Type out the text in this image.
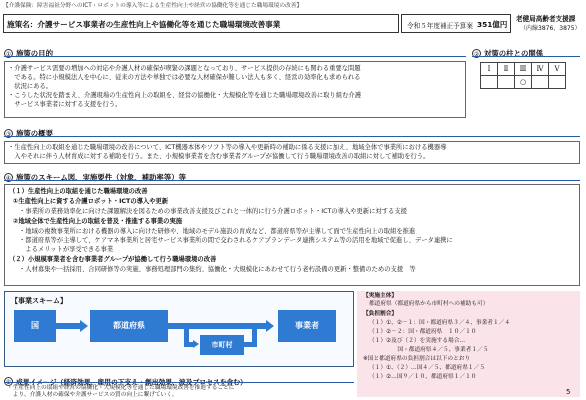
【介護保険：障害福祉分野へのICT・ロボットの導入等による生産性向上や経営の協働化等を通じた職場環境の改善】
施策名：介護サービス事業者の生産性向上や協働化等を通じた職場環境改善事業	令和５年度補正予算案 351億円
老健局高齢者支援課
（内線3876、3875）
① 施策の目的	② 対策の柱との関係
・介護サービス需要の増加への対応や介護人材の確保が喫緊の課題となっており、サービス提供の存続にも関わる重要な問題
　である。特に小規模法人を中心に、従来の方法や単独では必要な人材確保が難しい法人も多く、経営の効率化も求められる
　状況にある。
・こうした状況を踏まえ、介護現場の生産性向上の取組を、経営の協働化・大規模化等を通じた職場環境改善に取り組む介護
　サービス事業者に対する支援を行う。
Ⅰ	Ⅱ	Ⅲ	Ⅳ	Ⅴ
		○		
③ 施策の概要
・生産性向上の取組を通じた職場環境の改善について、ICT機器本体やソフト等の導入や更新時の補助に係る支援に加え、地域全体で事業所における機器導
　入やそれに伴う人材育成に対する補助を行う。また、小規模事業者を含む事業者グループが協働して行う職場環境改善の取組に対して補助を行う。
④ 施策のスキーム図、実施要件（対象、補助率等）等
（１）生産性向上の取組を通じた職場環境の改善
①生産性向上に資する介護ロボット・ICTの導入や更新
・事業所の業務効率化に向けた課題解決を図るための事業改善支援及びこれと一体的に行う介護ロボット・ICTの導入や更新に対する支援
②地域全体で生産性向上の取組を普及・推進する事業の実施
・地域の複数事業所における機器の導入に向けた研修や、地域のモデル施設の育成など、都道府県等が主導して面で生産性向上の取組を推進
・都道府県等が主導して、ケアマネ事業所と居宅サービス事業所の間で交わされるケアプランデータ連携システム等の活用を地域で促進し、データ連携に
　よるメリットが享受できる事業
（２）小規模事業者を含む事業者グループが協働して行う職場環境の改善
・人材募集や一括採用、合同研修等の実施、事務処理部門の集約、協働化・大規模化にあわせて行う老朽設備の更新・整備のための支援　等
【事業スキーム】
国	都道府県
市町村
事業者
【実施主体】
都道府県（都道府県から市町村への補助も可）
【負担割合】
（１）①、②－１：国・都道府県３／４、事業者１／４
（１）②－２：国・都道府県　１０／１０
（１）②及び（２）を実施する場合…
　　　　　国・都道府県４／５、事業者１／５
※国と都道府県の負担割合は以下のとおり
（１）①、（２）…国４／５、都道府県１／５
（１）②…国９／１０、都道府県１／１０
⑤ 成果イメージ（経済効果、雇用の下支え・創出効果、波及プロセスを含む）
・生産性向上の取組や経営の協働化・大規模化等を通じた職場環境改善を推進することに
　より、介護人材の確保や介護サービスの質の向上に繋げていく。	5
